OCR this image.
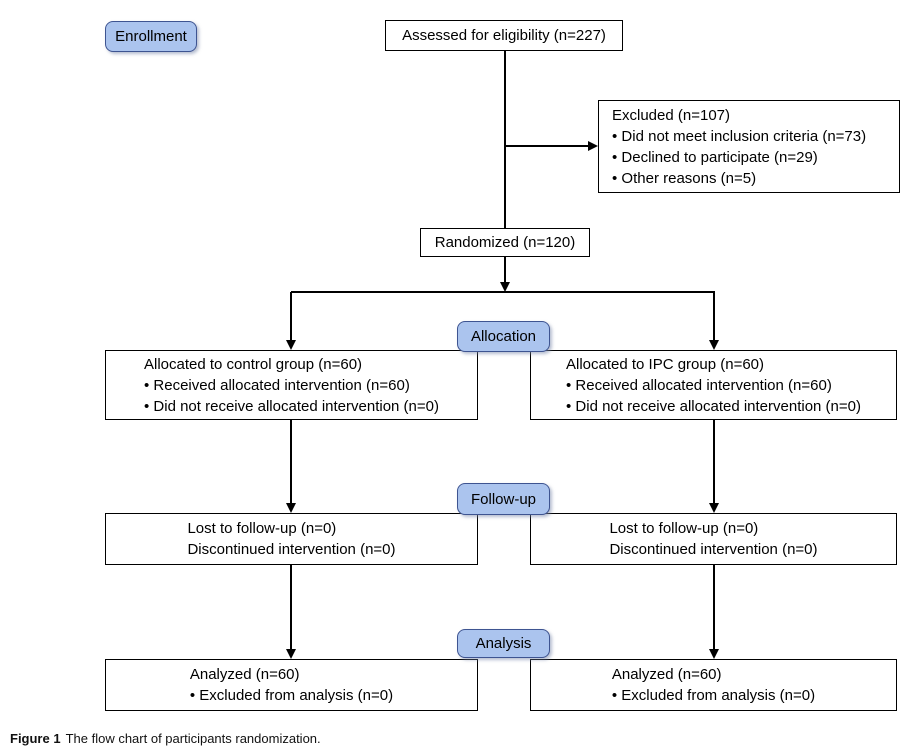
Enrollment
Allocation
Follow-up
Analysis
Assessed for eligibility (n=227)
Excluded (n=107)
• Did not meet inclusion criteria (n=73)
• Declined to participate (n=29)
• Other reasons (n=5)
Randomized (n=120)
Allocated to control group (n=60)
• Received allocated intervention (n=60)
• Did not receive allocated intervention (n=0)
Allocated to IPC group (n=60)
• Received allocated intervention (n=60)
• Did not receive allocated intervention (n=0)
Lost to follow-up (n=0)
Discontinued intervention (n=0)
Lost to follow-up (n=0)
Discontinued intervention (n=0)
Analyzed (n=60)
• Excluded from analysis (n=0)
Analyzed (n=60)
• Excluded from analysis (n=0)
Figure 1 The flow chart of participants randomization.
